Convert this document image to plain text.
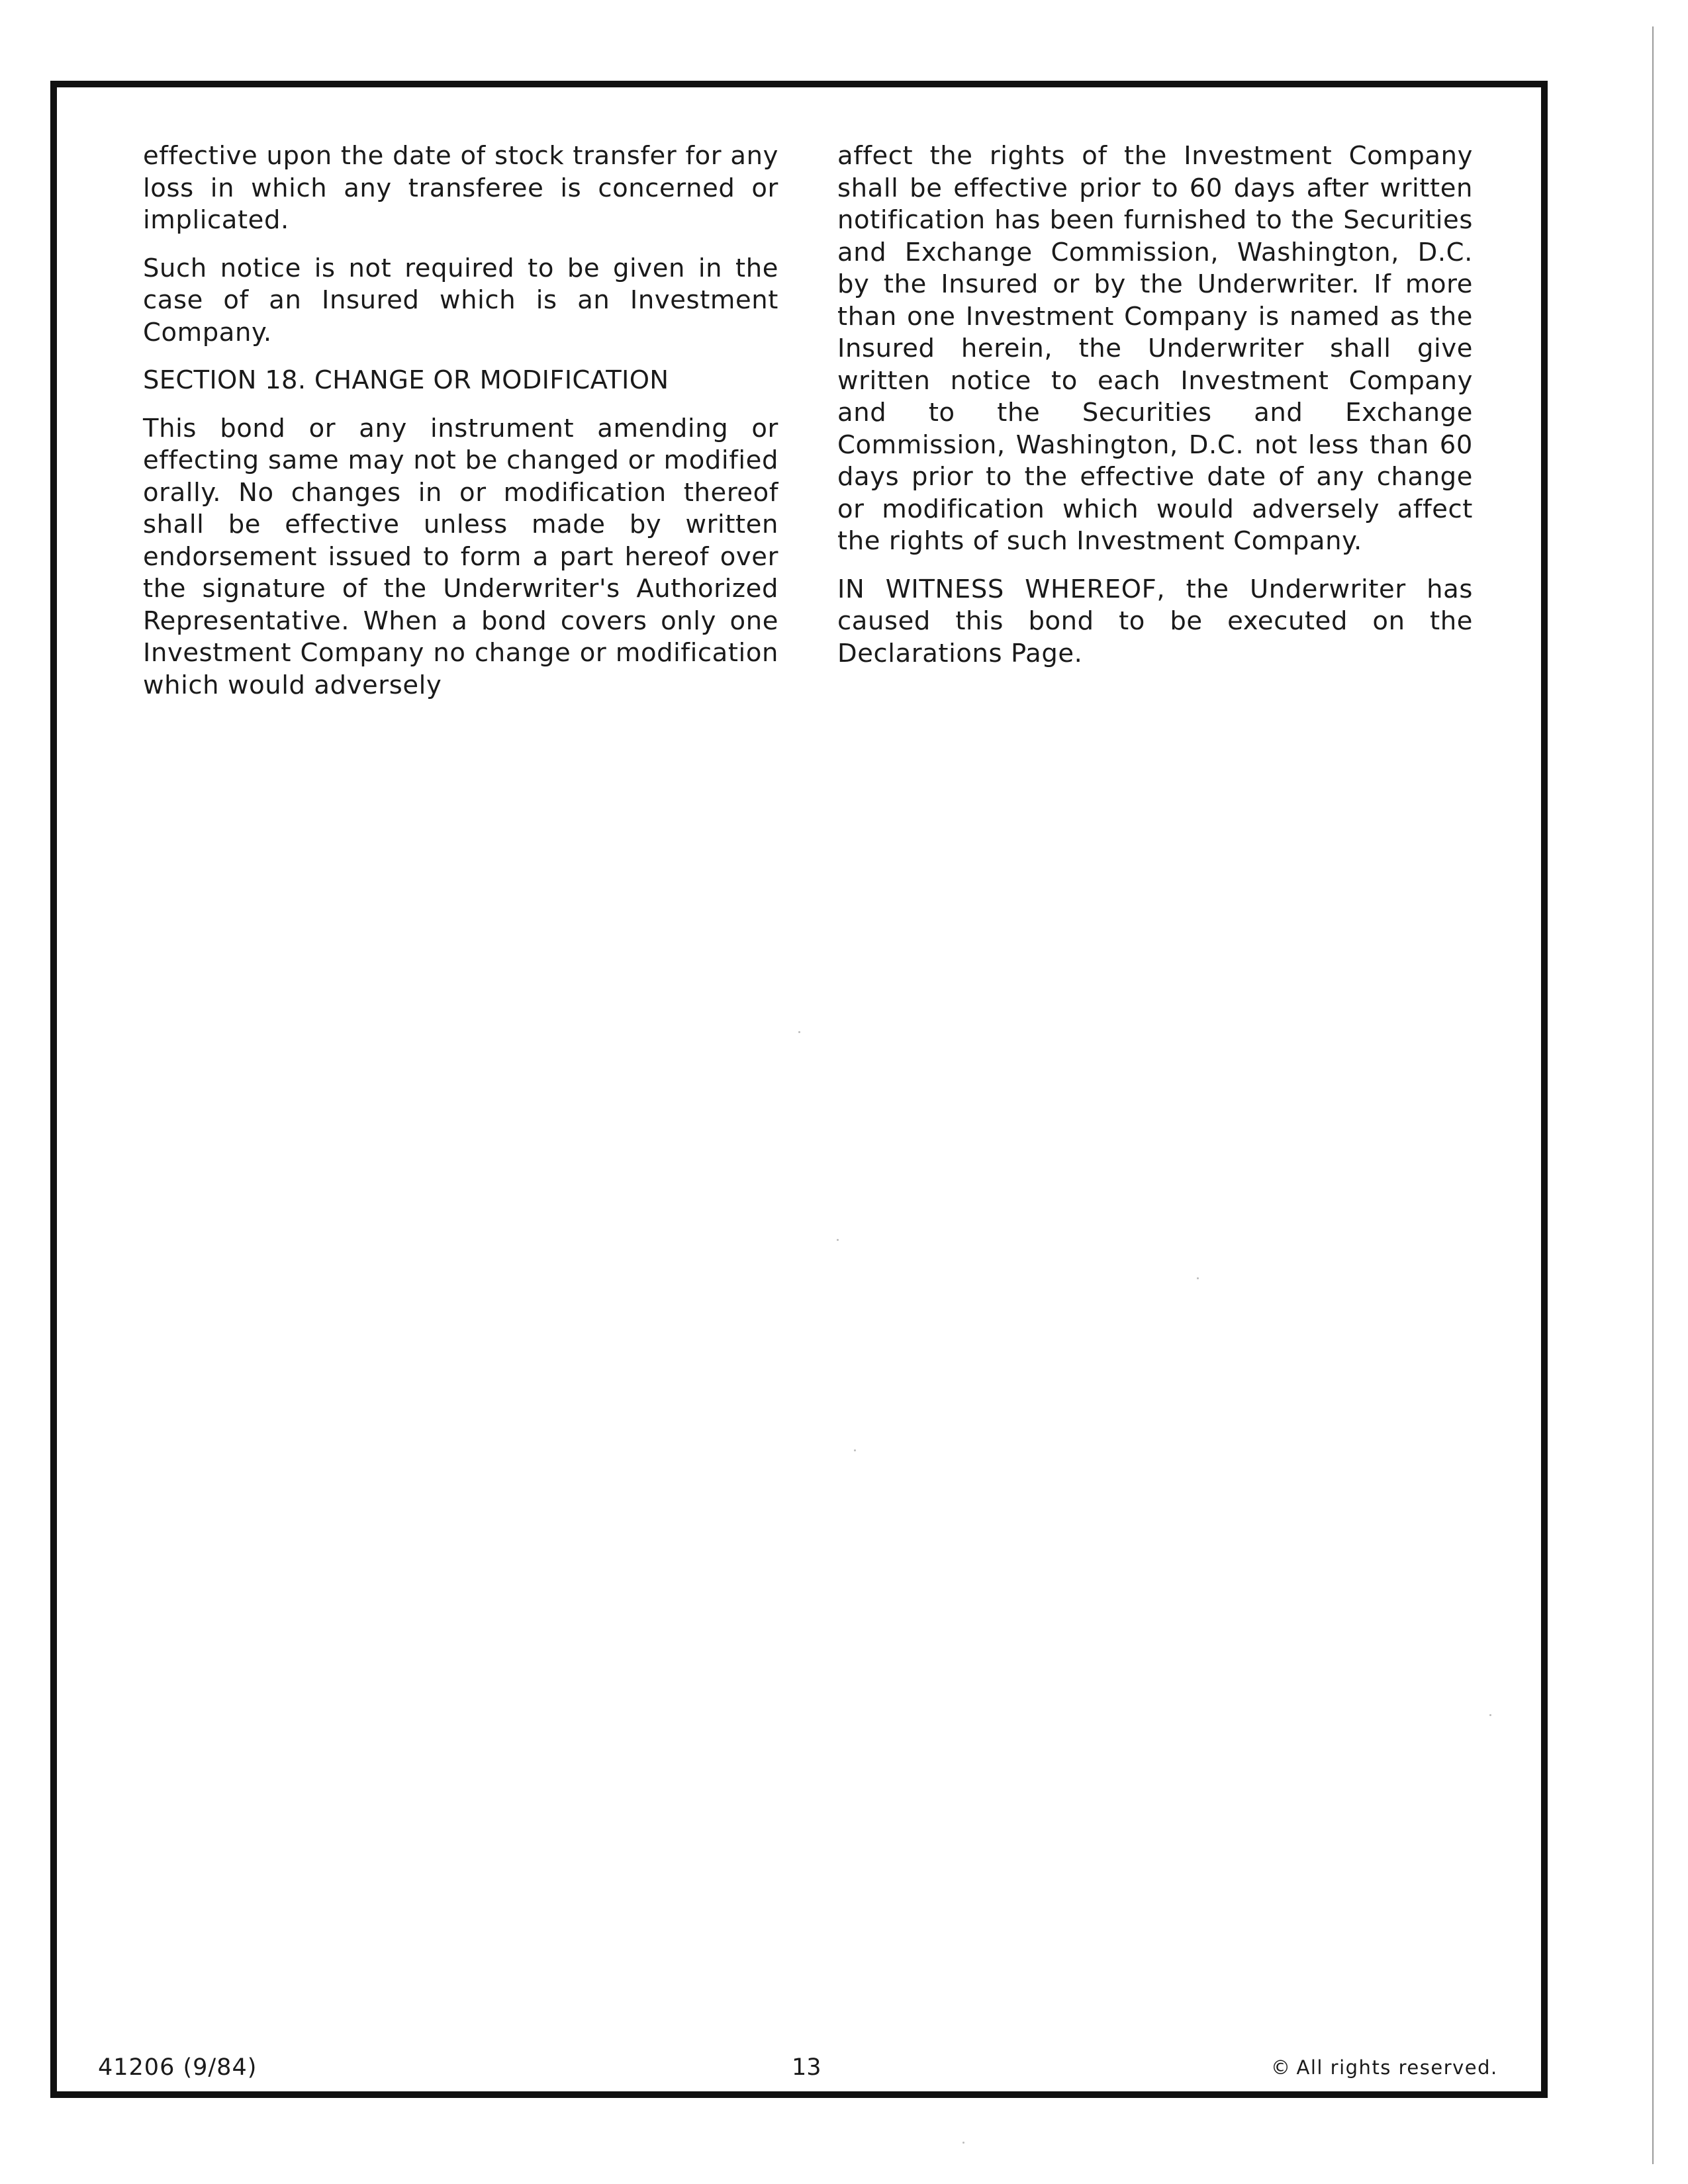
effective upon the date of stock transfer for any loss in which any transferee is concerned or implicated.

Such notice is not required to be given in the case of an Insured which is an Investment Company.

SECTION 18. CHANGE OR MODIFICATION

This bond or any instrument amending or effecting same may not be changed or modified orally. No changes in or modification thereof shall be effective unless made by written endorsement issued to form a part hereof over the signature of the Underwriter's Authorized Representative. When a bond covers only one Investment Company no change or modification which would adversely

affect the rights of the Investment Company shall be effective prior to 60 days after written notification has been furnished to the Securities and Exchange Commission, Washington, D.C. by the Insured or by the Underwriter. If more than one Investment Company is named as the Insured herein, the Underwriter shall give written notice to each Investment Company and to the Securities and Exchange Commission, Washington, D.C. not less than 60 days prior to the effective date of any change or modification which would adversely affect the rights of such Investment Company.

IN WITNESS WHEREOF, the Underwriter has caused this bond to be executed on the Declarations Page.

41206 (9/84)	13	© All rights reserved.
